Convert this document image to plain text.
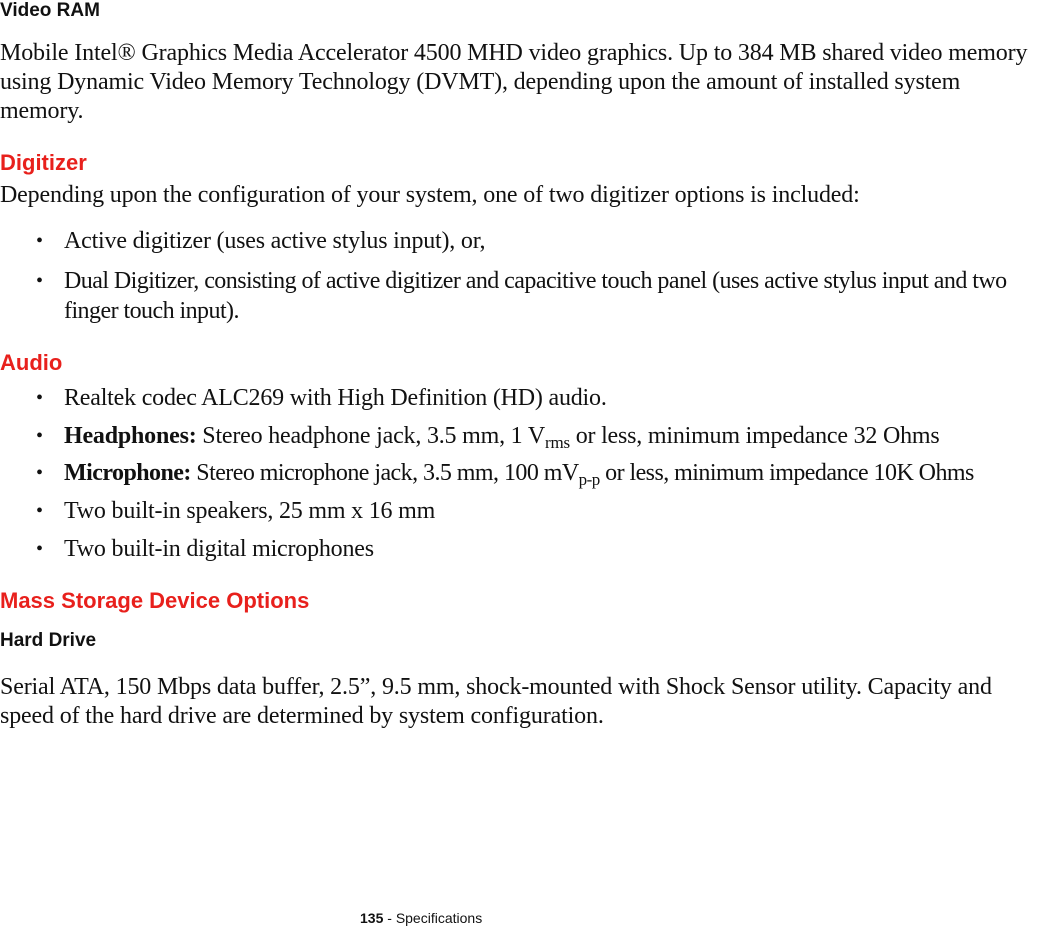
Video RAM
Mobile Intel® Graphics Media Accelerator 4500 MHD video graphics. Up to 384 MB shared video memory using Dynamic Video Memory Technology (DVMT), depending upon the amount of installed system memory.
Digitizer
Depending upon the configuration of your system, one of two digitizer options is included:
• Active digitizer (uses active stylus input), or,
• Dual Digitizer, consisting of active digitizer and capacitive touch panel (uses active stylus input and two finger touch input).
Audio
• Realtek codec ALC269 with High Definition (HD) audio.
• Headphones: Stereo headphone jack, 3.5 mm, 1 $V_{rms}$ or less, minimum impedance 32 Ohms
• Microphone: Stereo microphone jack, 3.5 mm, 100 $mV_{p-p}$ or less, minimum impedance 10K Ohms
• Two built-in speakers, 25 mm x 16 mm
• Two built-in digital microphones
Mass Storage Device Options
Hard Drive
Serial ATA, 150 Mbps data buffer, 2.5”, 9.5 mm, shock-mounted with Shock Sensor utility. Capacity and speed of the hard drive are determined by system configuration.
135 - Specifications
